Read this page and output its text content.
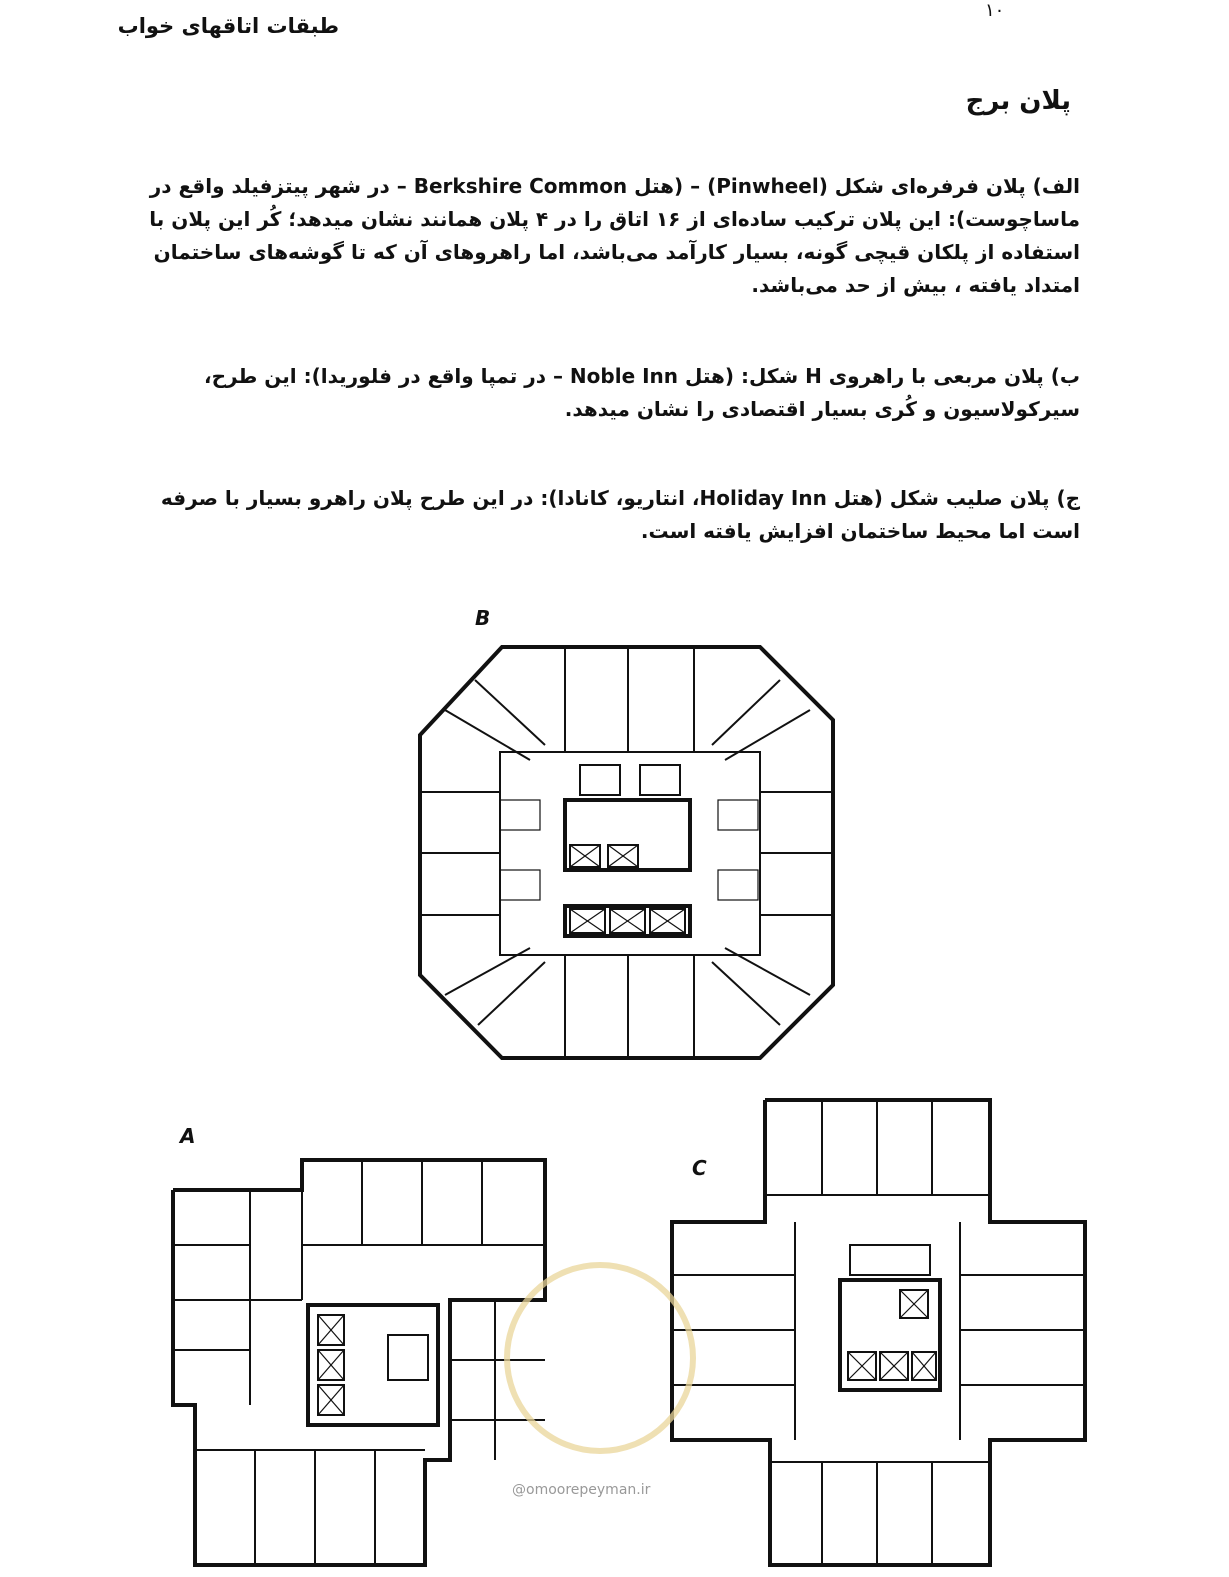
۱۰
طبقات اتاقهای خواب
پلان برج
الف) پلان فرفره‌ای شکل (Pinwheel) – (هتل Berkshire Common – در شهر پیتزفیلد واقع در ماساچوست): این پلان ترکیب ساده‌ای از ۱۶ اتاق را در ۴ پلان همانند نشان میدهد؛ کُر این پلان با استفاده از پلکان قیچی گونه، بسیار کارآمد می‌باشد، اما راهروهای آن که تا گوشه‌های ساختمان امتداد یافته ، بیش از حد می‌باشد.
ب) پلان مربعی با راهروی H شکل: (هتل Noble Inn – در تمپا واقع در فلوریدا): این طرح، سیرکولاسیون و کُری بسیار اقتصادی را نشان میدهد.
ج) پلان صلیب شکل (هتل Holiday Inn، انتاریو، کانادا): در این طرح پلان راهرو بسیار با صرفه است اما محیط ساختمان افزایش یافته است.
B
A
C
@omoorepeyman.ir
